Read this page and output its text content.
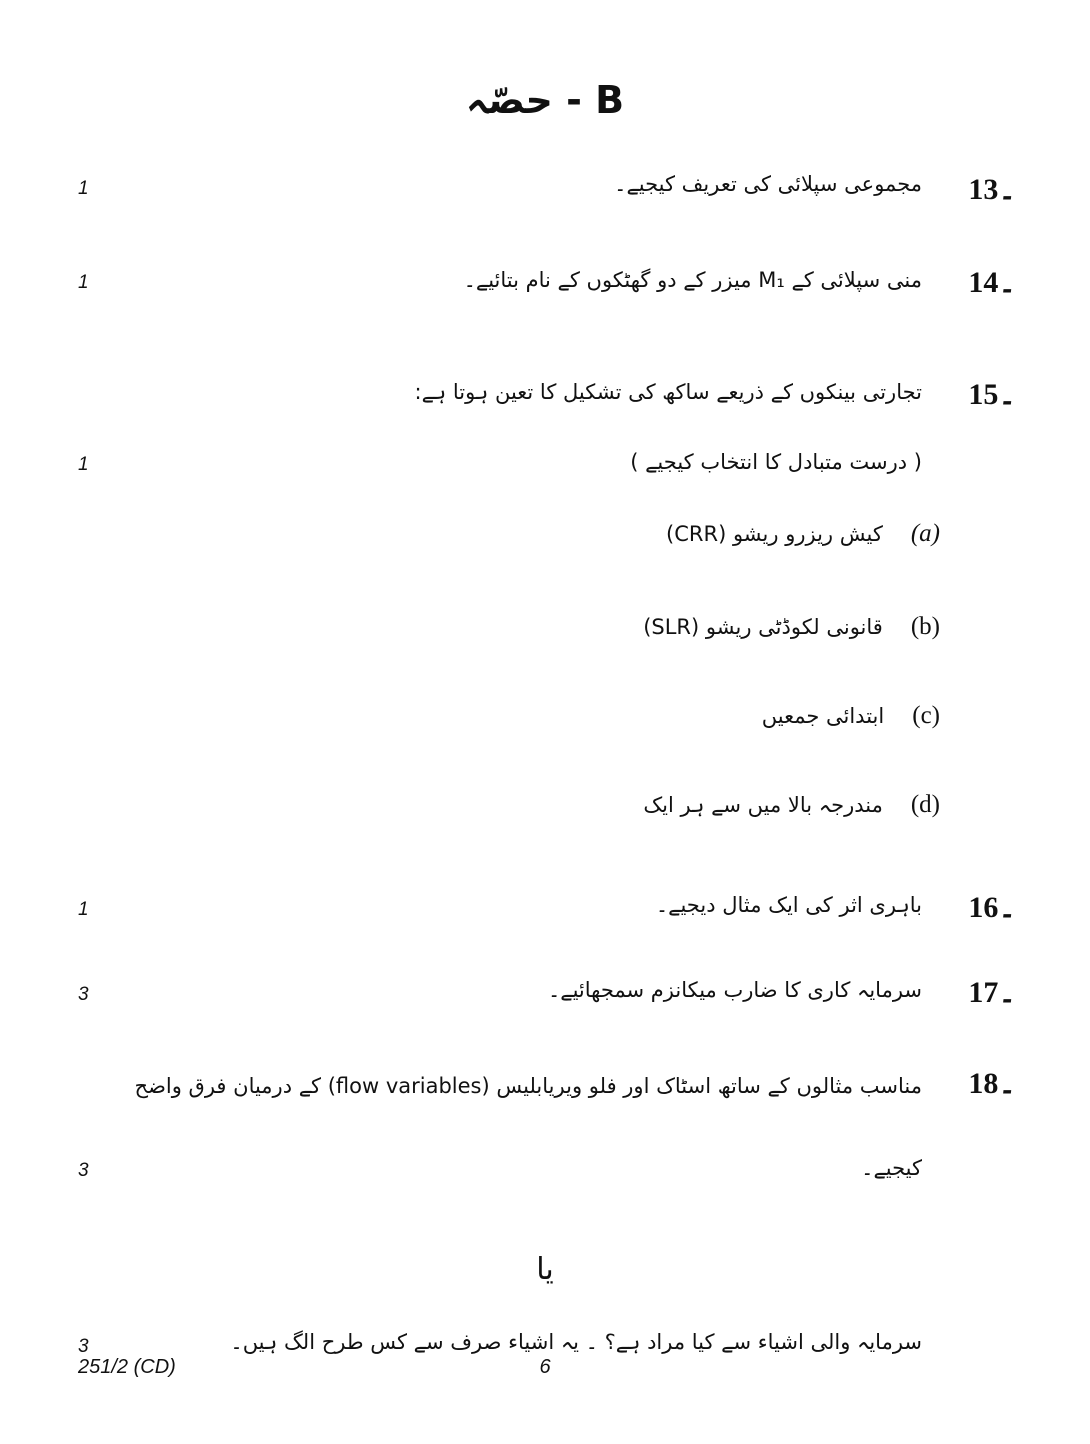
حصّہ - B
13۔
مجموعی سپلائی کی تعریف کیجیے۔
1
14۔
منی سپلائی کے M₁ میزر کے دو گھٹکوں کے نام بتائیے۔
1
15۔
تجارتی بینکوں کے ذریعے ساکھ کی تشکیل کا تعین ہوتا ہے:
( درست متبادل کا انتخاب کیجیے )
1
(a)
کیش ریزرو ریشو (CRR)
(b)
قانونی لکوڈٹی ریشو (SLR)
(c)
ابتدائی جمعیں
(d)
مندرجہ بالا میں سے ہر ایک
16۔
باہری اثر کی ایک مثال دیجیے۔
1
17۔
سرمایہ کاری کا ضارب میکانزم سمجھائیے۔
3
18۔
مناسب مثالوں کے ساتھ اسٹاک اور فلو ویریابلیس (flow variables) کے درمیان فرق واضح کیجیے۔
3
یا
سرمایہ والی اشیاء سے کیا مراد ہے؟ ۔ یہ اشیاء صرف سے کس طرح الگ ہیں۔
3
251/2 (CD)	6
